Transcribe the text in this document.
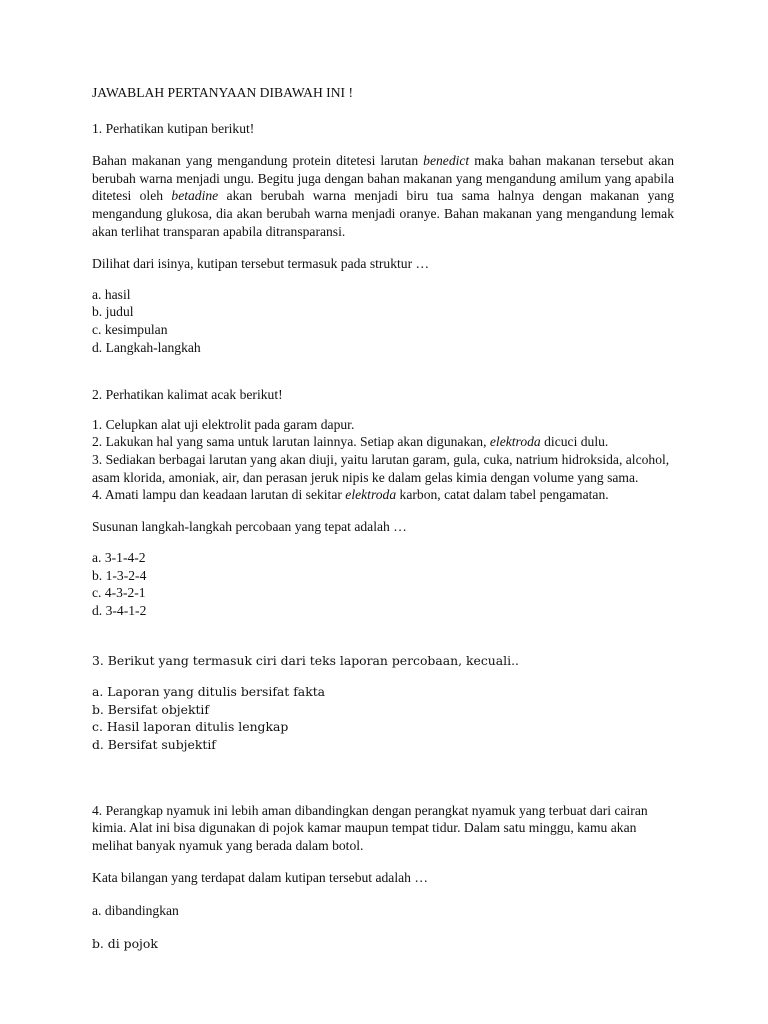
JAWABLAH PERTANYAAN DIBAWAH INI !

1. Perhatikan kutipan berikut!

Bahan makanan yang mengandung protein ditetesi larutan benedict maka bahan makanan tersebut akan berubah warna menjadi ungu. Begitu juga dengan bahan makanan yang mengandung amilum yang apabila ditetesi oleh betadine akan berubah warna menjadi biru tua sama halnya dengan makanan yang mengandung glukosa, dia akan berubah warna menjadi oranye. Bahan makanan yang mengandung lemak akan terlihat transparan apabila ditransparansi.

Dilihat dari isinya, kutipan tersebut termasuk pada struktur …

a. hasil

b. judul

c. kesimpulan

d. Langkah-langkah

2. Perhatikan kalimat acak berikut!

1. Celupkan alat uji elektrolit pada garam dapur.

2. Lakukan hal yang sama untuk larutan lainnya. Setiap akan digunakan, elektroda dicuci dulu.

3. Sediakan berbagai larutan yang akan diuji, yaitu larutan garam, gula, cuka, natrium hidroksida, alcohol, asam klorida, amoniak, air, dan perasan jeruk nipis ke dalam gelas kimia dengan volume yang sama.

4. Amati lampu dan keadaan larutan di sekitar elektroda karbon, catat dalam tabel pengamatan.

Susunan langkah-langkah percobaan yang tepat adalah …

a. 3-1-4-2

b. 1-3-2-4

c. 4-3-2-1

d. 3-4-1-2

3. Berikut yang termasuk ciri dari teks laporan percobaan, kecuali..

a. Laporan yang ditulis bersifat fakta

b. Bersifat objektif

c. Hasil laporan ditulis lengkap

d. Bersifat subjektif

4. Perangkap nyamuk ini lebih aman dibandingkan dengan perangkat nyamuk yang terbuat dari cairan kimia. Alat ini bisa digunakan di pojok kamar maupun tempat tidur. Dalam satu minggu, kamu akan melihat banyak nyamuk yang berada dalam botol.

Kata bilangan yang terdapat dalam kutipan tersebut adalah …

a. dibandingkan

b. di pojok
